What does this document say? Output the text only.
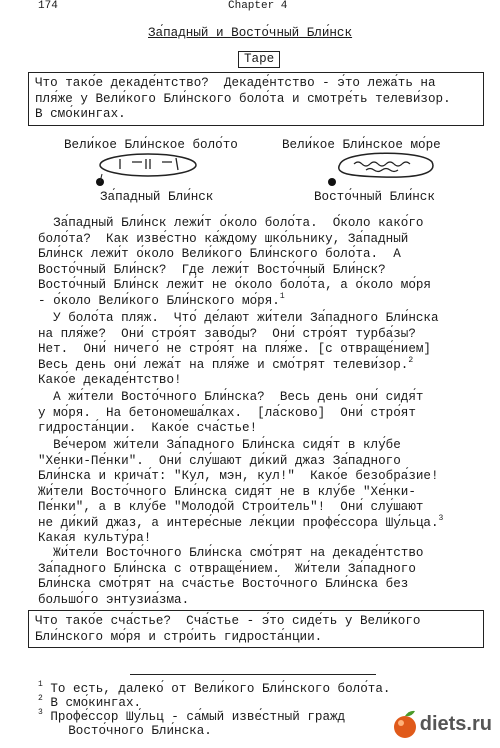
174	Chapter 4
За́падный и Восто́чный Бли́нск
Tape
Что тако́е декаде́нтство?  Декаде́нтство - э́то лежа́ть на
пля́же у Вели́кого Бли́нского боло́та и смотре́ть телеви́зор.
В смо́кингах.
Вели́кое Бли́нское боло́то	Вели́кое Бли́нское мо́ре
За́падный Бли́нск	Восто́чный Бли́нск
За́падный Бли́нск лежи́т о́коло боло́та.  О́коло како́го
боло́та?  Как изве́стно ка́ждому шко́льнику, За́падный
Бли́нск лежи́т о́коло Вели́кого Бли́нского боло́та.  А
Восто́чный Бли́нск?  Где лежи́т Восто́чный Бли́нск?
Восто́чный Бли́нск лежи́т не о́коло боло́та, а о́коло мо́ря
- о́коло Вели́кого Бли́нского мо́ря.$^1$
У боло́та пляж.  Что́ де́лают жи́тели За́падного Бли́нска
на пля́же?  Они́ стро́ят заво́ды?  Они́ стро́ят турба́зы?
Нет.  Они́ ничего́ не стро́ят на пля́же. [с отвраще́нием]
Весь день они́ лежа́т на пля́же и смо́трят телеви́зор.$^2$
Како́е декаде́нтство!
А жи́тели Восто́чного Бли́нска?  Весь день они́ сидя́т
у мо́ря.  На бетономеша́лках.  [ла́сково]  Они́ стро́ят
гидроста́нции.  Како́е сча́стье!
Ве́чером жи́тели За́падного Бли́нска сидя́т в клу́бе
"Хе́нки-Пе́нки".  Они́ слу́шают ди́кий джаз За́падного
Бли́нска и крича́т: "Кул, мэн, кул!"  Како́е безобра́зие!
Жи́тели Восто́чного Бли́нска сидя́т не в клу́бе "Хе́нки-
Пе́нки", а в клу́бе "Молодо́й Строи́тель"!  Они́ слу́шают
не ди́кий джаз, а интере́сные ле́кции профе́ссора Шу́льца.$^3$
Кака́я культу́ра!
Жи́тели Восто́чного Бли́нска смо́трят на декаде́нтство
За́падного Бли́нска с отвраще́нием.  Жи́тели За́падного
Бли́нска смо́трят на сча́стье Восто́чного Бли́нска без
большо́го энтузиа́зма.
Что тако́е сча́стье?  Сча́стье - э́то сиде́ть у Вели́кого
Бли́нского мо́ря и стро́ить гидроста́нции.
$^1$ То есть, далеко́ от Вели́кого Бли́нского боло́та.
$^2$ В смо́кингах.
$^3$ Профе́ссор Шу́льц - са́мый изве́стный гражд
Восто́чного Бли́нска.	diets.ru
